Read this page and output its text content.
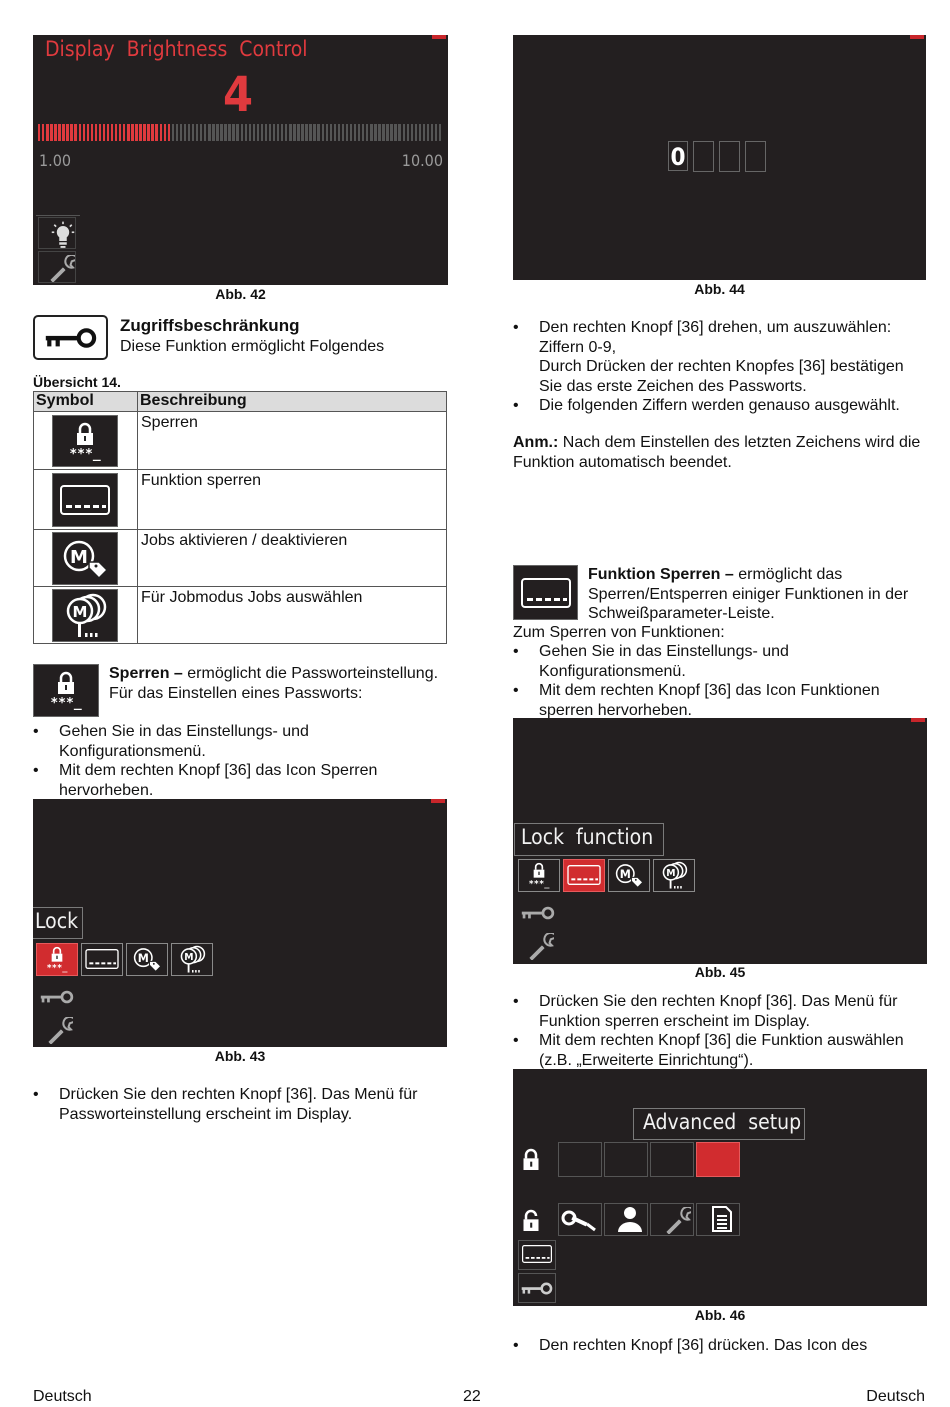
Display  Brightness  Control
4
1.00	10.00
Abb. 42
Zugriffsbeschränkung
Diese Funktion ermöglicht Folgendes
Übersicht 14.
Symbol	Beschreibung
Sperren
Funktion sperren
Jobs aktivieren / deaktivieren
Für Jobmodus Jobs auswählen
Sperren – ermöglicht die Passworteinstellung. Für das Einstellen eines Passworts:
• Gehen Sie in das Einstellungs- und Konfigurationsmenü.
• Mit dem rechten Knopf [36] das Icon Sperren hervorheben.
Lock
Abb. 43
• Drücken Sie den rechten Knopf [36]. Das Menü für Passworteinstellung erscheint im Display.
0
Abb. 44
• Den rechten Knopf [36] drehen, um auszuwählen: Ziffern 0-9,
Durch Drücken der rechten Knopfes [36] bestätigen Sie das erste Zeichen des Passworts.
• Die folgenden Ziffern werden genauso ausgewählt.
Anm.: Nach dem Einstellen des letzten Zeichens wird die Funktion automatisch beendet.
Funktion Sperren – ermöglicht das Sperren/Entsperren einiger Funktionen in der Schweißparameter-Leiste.
Zum Sperren von Funktionen:
• Gehen Sie in das Einstellungs- und Konfigurationsmenü.
• Mit dem rechten Knopf [36] das Icon Funktionen sperren hervorheben.
Lock  function
Abb. 45
• Drücken Sie den rechten Knopf [36]. Das Menü für Funktion sperren erscheint im Display.
• Mit dem rechten Knopf [36] die Funktion auswählen (z.B. „Erweiterte Einrichtung“).
Advanced  setup
Abb. 46
• Den rechten Knopf [36] drücken. Das Icon des
Deutsch	22	Deutsch
